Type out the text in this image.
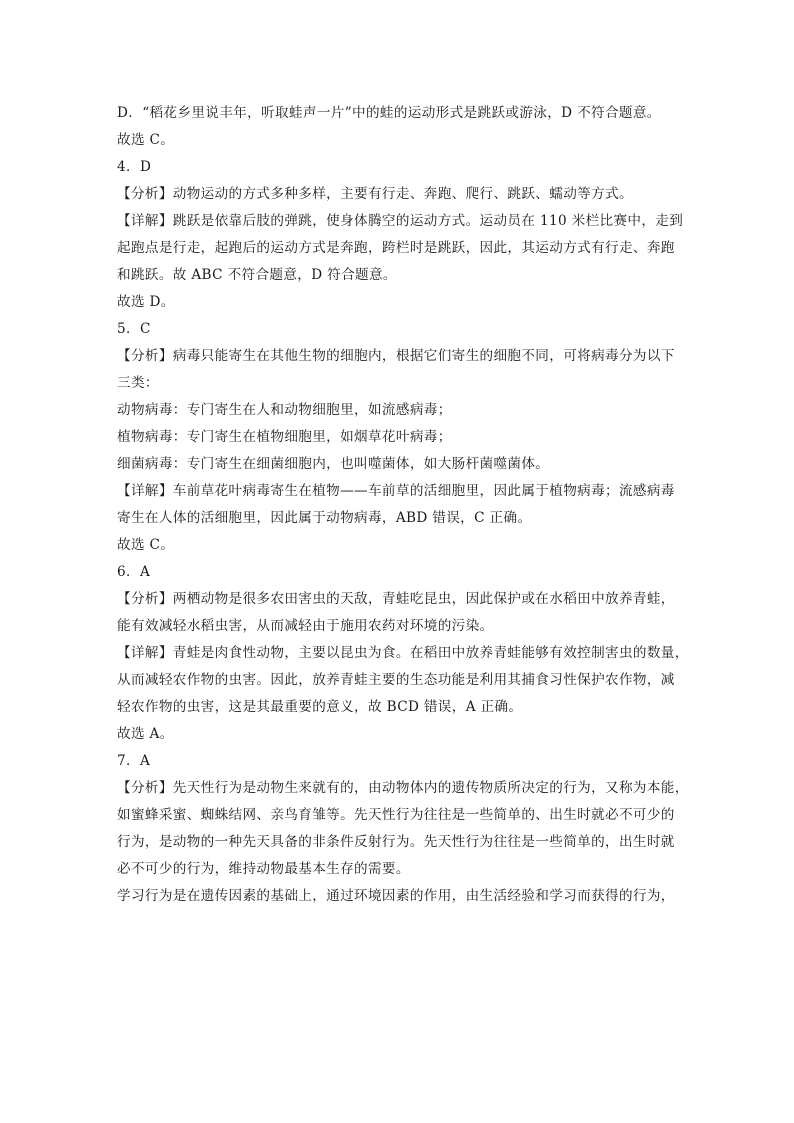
D．“稻花乡里说丰年，听取蛙声一片”中的蛙的运动形式是跳跃或游泳，D 不符合题意。
故选 C。
4．D
【分析】动物运动的方式多种多样，主要有行走、奔跑、爬行、跳跃、蠕动等方式。
【详解】跳跃是依靠后肢的弹跳，使身体腾空的运动方式。运动员在 110 米栏比赛中，走到
起跑点是行走，起跑后的运动方式是奔跑，跨栏时是跳跃，因此，其运动方式有行走、奔跑
和跳跃。故 ABC 不符合题意，D 符合题意。
故选 D。
5．C
【分析】病毒只能寄生在其他生物的细胞内，根据它们寄生的细胞不同，可将病毒分为以下
三类：
动物病毒：专门寄生在人和动物细胞里，如流感病毒；
植物病毒：专门寄生在植物细胞里，如烟草花叶病毒；
细菌病毒：专门寄生在细菌细胞内，也叫噬菌体，如大肠杆菌噬菌体。
【详解】车前草花叶病毒寄生在植物——车前草的活细胞里，因此属于植物病毒；流感病毒
寄生在人体的活细胞里，因此属于动物病毒，ABD 错误，C 正确。
故选 C。
6．A
【分析】两栖动物是很多农田害虫的天敌，青蛙吃昆虫，因此保护或在水稻田中放养青蛙，
能有效减轻水稻虫害，从而减轻由于施用农药对环境的污染。
【详解】青蛙是肉食性动物，主要以昆虫为食。在稻田中放养青蛙能够有效控制害虫的数量，
从而减轻农作物的虫害。因此，放养青蛙主要的生态功能是利用其捕食习性保护农作物，减
轻农作物的虫害，这是其最重要的意义，故 BCD 错误，A 正确。
故选 A。
7．A
【分析】先天性行为是动物生来就有的，由动物体内的遗传物质所决定的行为，又称为本能，
如蜜蜂采蜜、蜘蛛结网、亲鸟育雏等。先天性行为往往是一些简单的、出生时就必不可少的
行为，是动物的一种先天具备的非条件反射行为。先天性行为往往是一些简单的，出生时就
必不可少的行为，维持动物最基本生存的需要。
学习行为是在遗传因素的基础上，通过环境因素的作用，由生活经验和学习而获得的行为，
